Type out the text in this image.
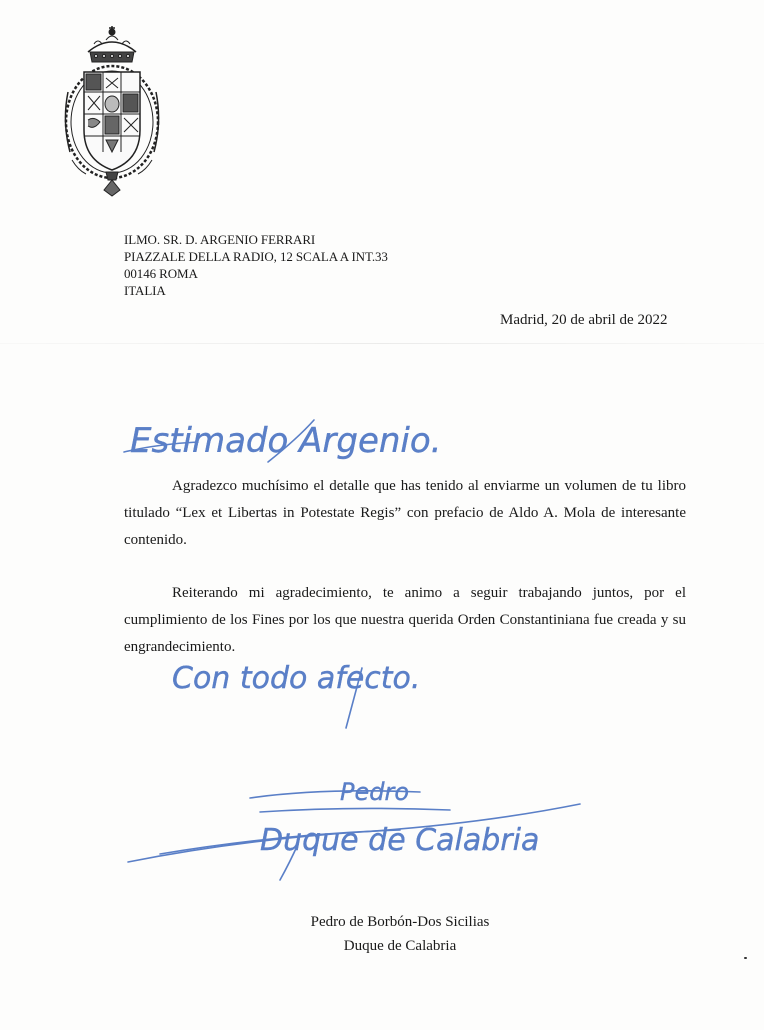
ILMO. SR. D. ARGENIO FERRARI
PIAZZALE DELLA RADIO, 12 SCALA A INT.33
00146 ROMA
ITALIA
Madrid, 20 de abril de 2022
Estimado Argenio.
Agradezco muchísimo el detalle que has tenido al enviarme un volumen de tu libro titulado “Lex et Libertas in Potestate Regis” con prefacio de Aldo A. Mola de interesante contenido.
Reiterando mi agradecimiento, te animo a seguir trabajando juntos, por el cumplimiento de los Fines por los que nuestra querida Orden Constantiniana fue creada y su engrandecimiento.
Con todo afecto.
Pedro
Duque de Calabria
Pedro de Borbón-Dos Sicilias
Duque de Calabria
